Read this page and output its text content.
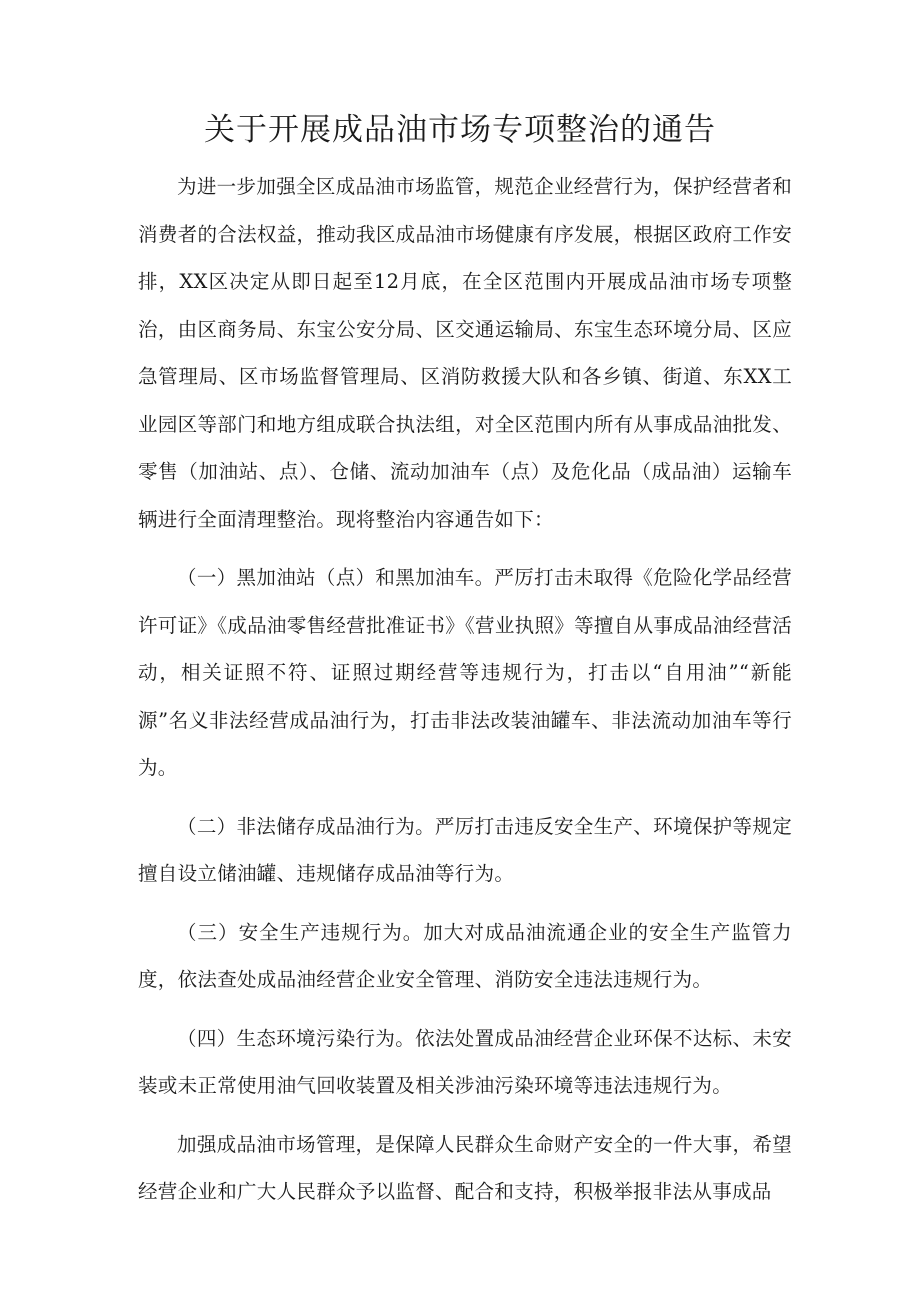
关于开展成品油市场专项整治的通告

为进一步加强全区成品油市场监管，规范企业经营行为，保护经营者和消费者的合法权益，推动我区成品油市场健康有序发展，根据区政府工作安排，XX区决定从即日起至12月底，在全区范围内开展成品油市场专项整治，由区商务局、东宝公安分局、区交通运输局、东宝生态环境分局、区应急管理局、区市场监督管理局、区消防救援大队和各乡镇、街道、东XX工业园区等部门和地方组成联合执法组，对全区范围内所有从事成品油批发、零售（加油站、点）、仓储、流动加油车（点）及危化品（成品油）运输车辆进行全面清理整治。现将整治内容通告如下：

（一）黑加油站（点）和黑加油车。严厉打击未取得《危险化学品经营许可证》《成品油零售经营批准证书》《营业执照》等擅自从事成品油经营活动，相关证照不符、证照过期经营等违规行为，打击以“自用油”“新能源”名义非法经营成品油行为，打击非法改装油罐车、非法流动加油车等行为。

（二）非法储存成品油行为。严厉打击违反安全生产、环境保护等规定擅自设立储油罐、违规储存成品油等行为。

（三）安全生产违规行为。加大对成品油流通企业的安全生产监管力度，依法查处成品油经营企业安全管理、消防安全违法违规行为。

（四）生态环境污染行为。依法处置成品油经营企业环保不达标、未安装或未正常使用油气回收装置及相关涉油污染环境等违法违规行为。

加强成品油市场管理，是保障人民群众生命财产安全的一件大事，希望经营企业和广大人民群众予以监督、配合和支持，积极举报非法从事成品
